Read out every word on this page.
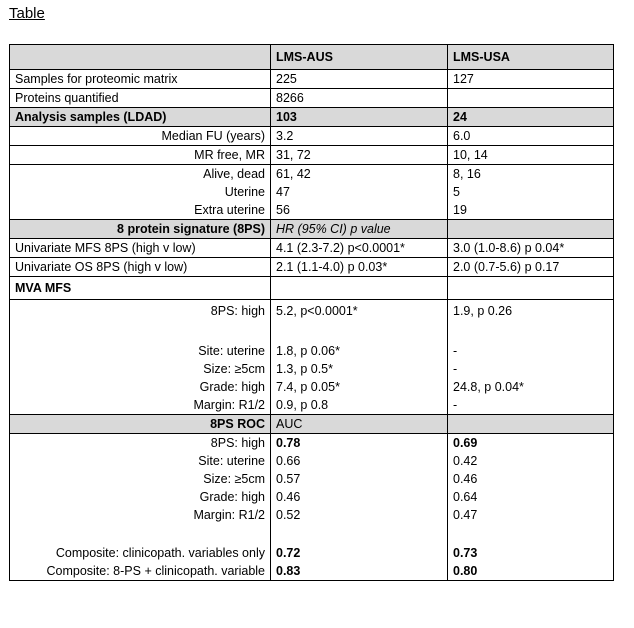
Table
	LMS-AUS	LMS-USA
Samples for proteomic matrix	225	127
Proteins quantified	8266	
Analysis samples (LDAD)	103	24
Median FU (years)	3.2	6.0
MR free, MR	31, 72	10, 14
Alive, dead	61, 42	8, 16
Uterine	47	5
Extra uterine	56	19
8 protein signature (8PS)	HR (95% CI) p value	
Univariate MFS 8PS (high v low)	4.1 (2.3-7.2) p<0.0001*	3.0 (1.0-8.6) p 0.04*
Univariate OS 8PS (high v low)	2.1 (1.1-4.0) p 0.03*	2.0 (0.7-5.6) p 0.17
MVA MFS		
8PS: high	5.2, p<0.0001*	1.9, p 0.26

Site: uterine	1.8, p 0.06*	-
Size: ≥5cm	1.3, p 0.5*	-
Grade: high	7.4, p 0.05*	24.8, p 0.04*
Margin: R1/2	0.9, p 0.8	-
8PS ROC	AUC	
8PS: high	0.78	0.69
Site: uterine	0.66	0.42
Size: ≥5cm	0.57	0.46
Grade: high	0.46	0.64
Margin: R1/2	0.52	0.47

Composite: clinicopath. variables only	0.72	0.73
Composite: 8-PS + clinicopath. variable	0.83	0.80
